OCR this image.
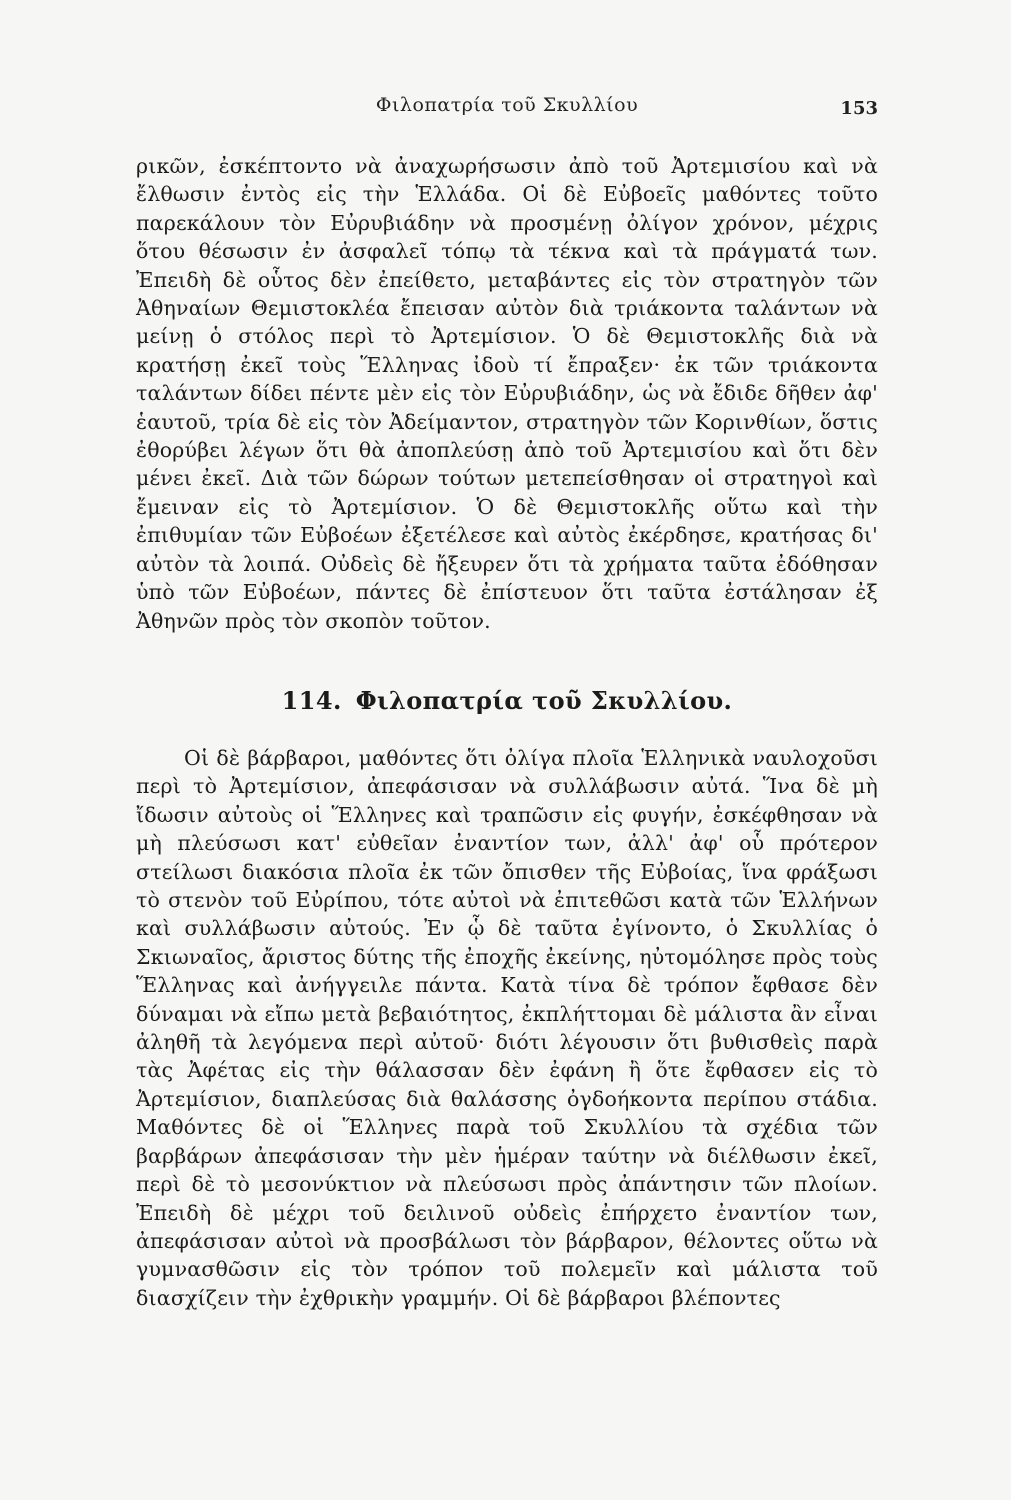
Φιλοπατρία τοῦ Σκυλλίου	153

ρικῶν, ἐσκέπτοντο νὰ ἀναχωρήσωσιν ἀπὸ τοῦ Ἀρτεμισίου καὶ νὰ ἔλθωσιν ἐντὸς εἰς τὴν Ἑλλάδα. Οἱ δὲ Εὐβοεῖς μαθόντες τοῦτο παρεκάλουν τὸν Εὐρυβιάδην νὰ προσμένῃ ὀλίγον χρόνον, μέχρις ὅτου θέσωσιν ἐν ἀσφαλεῖ τόπῳ τὰ τέκνα καὶ τὰ πράγματά των. Ἐπειδὴ δὲ οὗτος δὲν ἐπείθετο, μεταβάντες εἰς τὸν στρατηγὸν τῶν Ἀθηναίων Θεμιστοκλέα ἔπεισαν αὐτὸν διὰ τριάκοντα ταλάντων νὰ μείνῃ ὁ στόλος περὶ τὸ Ἀρτεμίσιον. Ὁ δὲ Θεμιστοκλῆς διὰ νὰ κρατήσῃ ἐκεῖ τοὺς Ἕλληνας ἰδοὺ τί ἔπραξεν· ἐκ τῶν τριάκοντα ταλάντων δίδει πέντε μὲν εἰς τὸν Εὐρυβιάδην, ὡς νὰ ἔδιδε δῆθεν ἀφ' ἑαυτοῦ, τρία δὲ εἰς τὸν Ἀδείμαντον, στρατηγὸν τῶν Κορινθίων, ὅστις ἐθορύβει λέγων ὅτι θὰ ἀποπλεύσῃ ἀπὸ τοῦ Ἀρτεμισίου καὶ ὅτι δὲν μένει ἐκεῖ. Διὰ τῶν δώρων τούτων μετεπείσθησαν οἱ στρατηγοὶ καὶ ἔμειναν εἰς τὸ Ἀρτεμίσιον. Ὁ δὲ Θεμιστοκλῆς οὕτω καὶ τὴν ἐπιθυμίαν τῶν Εὐβοέων ἐξετέλεσε καὶ αὐτὸς ἐκέρδησε, κρατήσας δι' αὐτὸν τὰ λοιπά. Οὐδεὶς δὲ ἤξευρεν ὅτι τὰ χρήματα ταῦτα ἐδόθησαν ὑπὸ τῶν Εὐβοέων, πάντες δὲ ἐπίστευον ὅτι ταῦτα ἐστάλησαν ἐξ Ἀθηνῶν πρὸς τὸν σκοπὸν τοῦτον.

114. Φιλοπατρία τοῦ Σκυλλίου.

Οἱ δὲ βάρβαροι, μαθόντες ὅτι ὀλίγα πλοῖα Ἑλληνικὰ ναυλοχοῦσι περὶ τὸ Ἀρτεμίσιον, ἀπεφάσισαν νὰ συλλάβωσιν αὐτά. Ἵνα δὲ μὴ ἴδωσιν αὐτοὺς οἱ Ἕλληνες καὶ τραπῶσιν εἰς φυγήν, ἐσκέφθησαν νὰ μὴ πλεύσωσι κατ' εὐθεῖαν ἐναντίον των, ἀλλ' ἀφ' οὗ πρότερον στείλωσι διακόσια πλοῖα ἐκ τῶν ὄπισθεν τῆς Εὐβοίας, ἵνα φράξωσι τὸ στενὸν τοῦ Εὐρίπου, τότε αὐτοὶ νὰ ἐπιτεθῶσι κατὰ τῶν Ἑλλήνων καὶ συλλάβωσιν αὐτούς. Ἐν ᾧ δὲ ταῦτα ἐγίνοντο, ὁ Σκυλλίας ὁ Σκιωναῖος, ἄριστος δύτης τῆς ἐποχῆς ἐκείνης, ηὐτομόλησε πρὸς τοὺς Ἕλληνας καὶ ἀνήγγειλε πάντα. Κατὰ τίνα δὲ τρόπον ἔφθασε δὲν δύναμαι νὰ εἴπω μετὰ βεβαιότητος, ἐκπλήττομαι δὲ μάλιστα ἂν εἶναι ἀληθῆ τὰ λεγόμενα περὶ αὐτοῦ· διότι λέγουσιν ὅτι βυθισθεὶς παρὰ τὰς Ἀφέτας εἰς τὴν θάλασσαν δὲν ἐφάνη ἢ ὅτε ἔφθασεν εἰς τὸ Ἀρτεμίσιον, διαπλεύσας διὰ θαλάσσης ὀγδοήκοντα περίπου στάδια. Μαθόντες δὲ οἱ Ἕλληνες παρὰ τοῦ Σκυλλίου τὰ σχέδια τῶν βαρβάρων ἀπεφάσισαν τὴν μὲν ἡμέραν ταύτην νὰ διέλθωσιν ἐκεῖ, περὶ δὲ τὸ μεσονύκτιον νὰ πλεύσωσι πρὸς ἀπάντησιν τῶν πλοίων. Ἐπειδὴ δὲ μέχρι τοῦ δειλινοῦ οὐδεὶς ἐπήρχετο ἐναντίον των, ἀπεφάσισαν αὐτοὶ νὰ προσβάλωσι τὸν βάρβαρον, θέλοντες οὕτω νὰ γυμνασθῶσιν εἰς τὸν τρόπον τοῦ πολεμεῖν καὶ μάλιστα τοῦ διασχίζειν τὴν ἐχθρικὴν γραμμήν. Οἱ δὲ βάρβαροι βλέποντες
